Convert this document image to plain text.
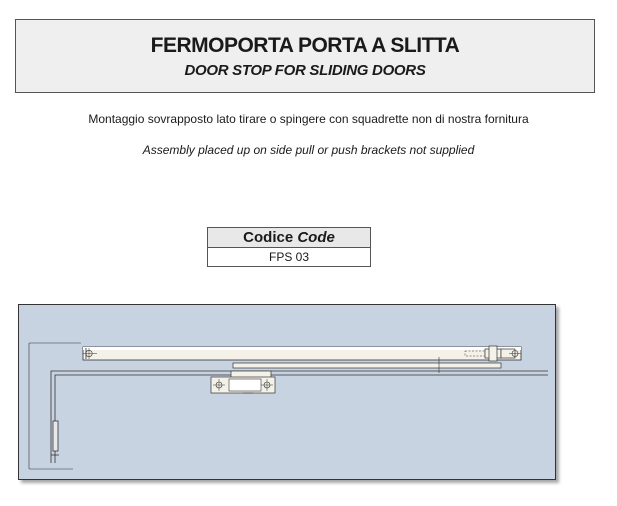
FERMOPORTA PORTA A SLITTA
DOOR STOP FOR SLIDING DOORS
Montaggio sovrapposto lato tirare o spingere con squadrette non di nostra fornitura
Assembly placed up on side pull or push brackets not supplied
Codice Code
FPS 03
